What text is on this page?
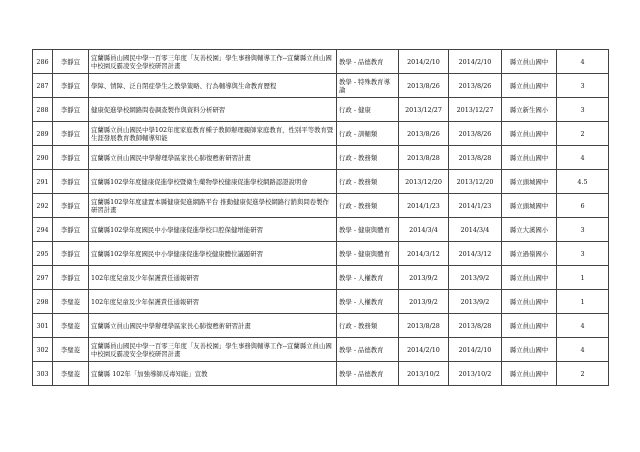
286	李靜宜	宜蘭縣員山國民中學一百零三年度「友善校園」學生事務與輔導工作--宜蘭縣立員山國中校園反霸凌安全學校研習計畫	教學 - 品德教育	2014/2/10	2014/2/10	縣立員山國中	4
287	李靜宜	學障、情障、泛自閉症學生之教學策略、行為輔導與生命教育歷程	教學 - 特殊教育導論	2013/8/26	2013/8/26	縣立員山國中	3
288	李靜宜	健康促進學校網路問卷調查製作與資料分析研習	行政 - 健康	2013/12/27	2013/12/27	縣立新生國小	3
289	李靜宜	宜蘭縣立員山國民中學102年度家庭教育種子教師辦理親師家庭教育，性別平等教育暨生涯發展教育教師輔導知能	行政 - 訓輔類	2013/8/26	2013/8/26	縣立員山國中	2
290	李靜宜	宜蘭縣立員山國民中學辦理學區家長心肺復甦術研習計畫	行政 - 教務類	2013/8/28	2013/8/28	縣立員山國中	4
291	李靜宜	宜蘭縣102學年度健康促進學校暨衛生藥物學校健康促進學校網路認證說明會	行政 - 教務類	2013/12/20	2013/12/20	縣立頭城國中	4.5
292	李靜宜	宜蘭縣102學年度建置本縣健康促進網路平台 推動健康促進學校網路行銷與問卷製作研習計畫	行政 - 教務類	2014/1/23	2014/1/23	縣立頭城國中	6
294	李靜宜	宜蘭縣102學年度國民中小學健康促進學校口腔保健增能研習	教學 - 健康與體育	2014/3/4	2014/3/4	縣立大溪國小	3
295	李靜宜	宜蘭縣102學年度國民中小學健康促進學校健康體位議題研習	教學 - 健康與體育	2014/3/12	2014/3/12	縣立過嶺國小	3
297	李靜宜	102年度兒童及少年保護責任通報研習	教學 - 人權教育	2013/9/2	2013/9/2	縣立員山國中	1
298	李璧菱	102年度兒童及少年保護責任通報研習	教學 - 人權教育	2013/9/2	2013/9/2	縣立員山國中	1
301	李璧菱	宜蘭縣立員山國民中學辦理學區家長心肺復甦術研習計畫	行政 - 教務類	2013/8/28	2013/8/28	縣立員山國中	4
302	李璧菱	宜蘭縣員山國民中學一百零三年度「友善校園」學生事務與輔導工作--宜蘭縣立員山國中校園反霸凌安全學校研習計畫	教學 - 品德教育	2014/2/10	2014/2/10	縣立員山國中	4
303	李璧菱	宜蘭縣 102年「加強導師反毒知能」宣教	教學 - 品德教育	2013/10/2	2013/10/2	縣立員山國中	2
